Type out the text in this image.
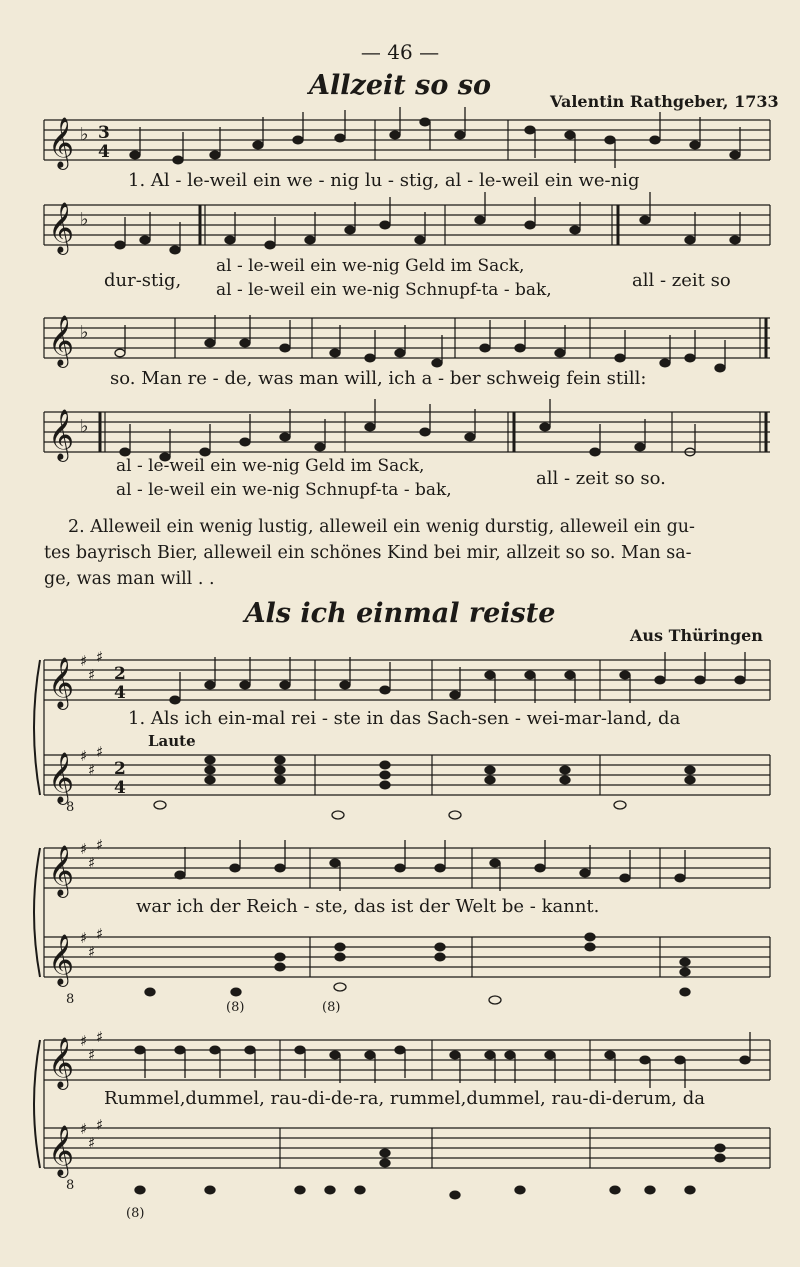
— 46 —
Allzeit so so
Valentin Rathgeber, 1733
𝄞
𝄞
𝄞
𝄞
𝄞
𝄞
𝄞
𝄞
𝄞
𝄞
♭
♭
♭
♭
♯
♯
♯
♯
♯
♯
♯
♯
♯
♯
♯
♯
♯
♯
♯
♯
♯
♯
3
4
2
4
2
4
1. Al - le-weil ein we - nig lu - stig, al - le-weil ein we-nig
dur-stig,
al - le-weil ein we-nig Geld im Sack,
al - le-weil ein we-nig Schnupf-ta - bak,	all - zeit so
so. Man re - de, was man will, ich a - ber schweig fein still:
al - le-weil ein we-nig Geld im Sack,
al - le-weil ein we-nig Schnupf-ta - bak,
all - zeit so so.
2. Alleweil ein wenig lustig, alleweil ein wenig durstig, alleweil ein gu-
tes bayrisch Bier, alleweil ein schönes Kind bei mir, allzeit so so. Man sa-
ge, was man will . .
Als ich einmal reiste
Aus Thüringen
1. Als ich ein-mal rei - ste in das Sach-sen - wei-mar-land, da
Laute
8
war ich der Reich - ste, das ist der Welt be - kannt.
8
(8)	(8)
Rummel,dummel, rau-di-de-ra, rummel,dummel, rau-di-derum, da
8
(8)
